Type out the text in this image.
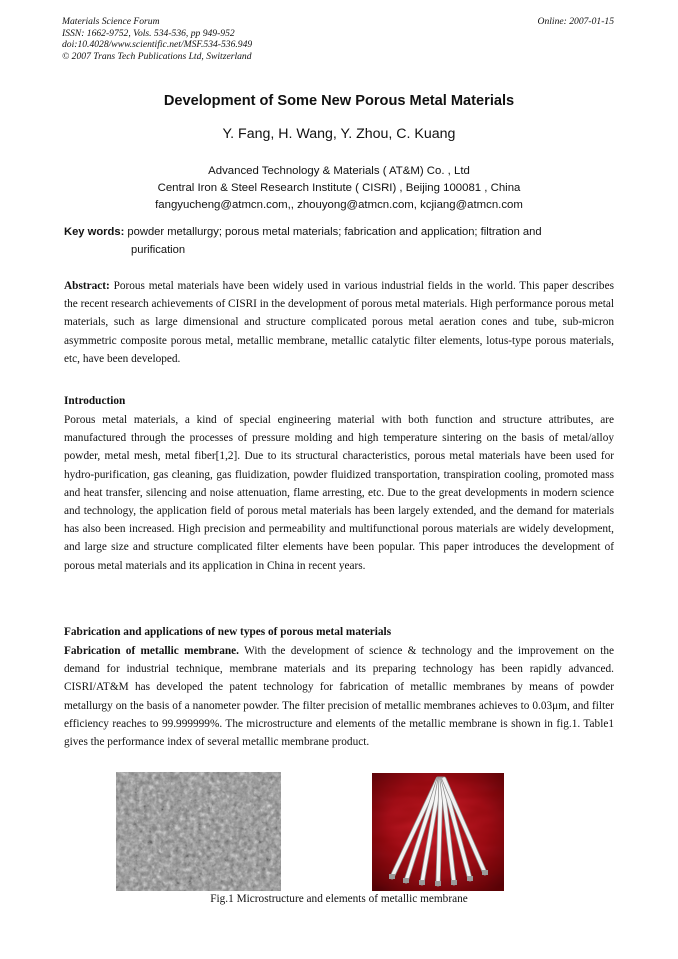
Materials Science Forum
ISSN: 1662-9752, Vols. 534-536, pp 949-952
doi:10.4028/www.scientific.net/MSF.534-536.949
© 2007 Trans Tech Publications Ltd, Switzerland
Online: 2007-01-15
Development of Some New Porous Metal Materials
Y. Fang, H. Wang, Y. Zhou, C. Kuang
Advanced Technology & Materials ( AT&M) Co. , Ltd
Central Iron & Steel Research Institute ( CISRI) , Beijing 100081 , China
fangyucheng@atmcn.com,, zhouyong@atmcn.com, kcjiang@atmcn.com
Key words: powder metallurgy; porous metal materials; fabrication and application; filtration and
purification
Abstract: Porous metal materials have been widely used in various industrial fields in the world. This paper describes the recent research achievements of CISRI in the development of porous metal materials. High performance porous metal materials, such as large dimensional and structure complicated porous metal aeration cones and tube, sub-micron asymmetric composite porous metal, metallic membrane, metallic catalytic filter elements, lotus-type porous materials, etc, have been developed.
Introduction
Porous metal materials, a kind of special engineering material with both function and structure attributes, are manufactured through the processes of pressure molding and high temperature sintering on the basis of metal/alloy powder, metal mesh, metal fiber[1,2]. Due to its structural characteristics, porous metal materials have been used for hydro-purification, gas cleaning, gas fluidization, powder fluidized transportation, transpiration cooling, promoted mass and heat transfer, silencing and noise attenuation, flame arresting, etc. Due to the great developments in modern science and technology, the application field of porous metal materials has been largely extended, and the demand for materials has also been increased. High precision and permeability and multifunctional porous materials are widely development, and large size and structure complicated filter elements have been popular. This paper introduces the development of porous metal materials and its application in China in recent years.
Fabrication and applications of new types of porous metal materials
Fabrication of metallic membrane. With the development of science & technology and the improvement on the demand for industrial technique, membrane materials and its preparing technology has been rapidly advanced. CISRI/AT&M has developed the patent technology for fabrication of metallic membranes by means of powder metallurgy on the basis of a nanometer powder. The filter precision of metallic membranes achieves to 0.03μm, and filter efficiency reaches to 99.999999%. The microstructure and elements of the metallic membrane is shown in fig.1. Table1 gives the performance index of several metallic membrane product.
Fig.1 Microstructure and elements of metallic membrane
